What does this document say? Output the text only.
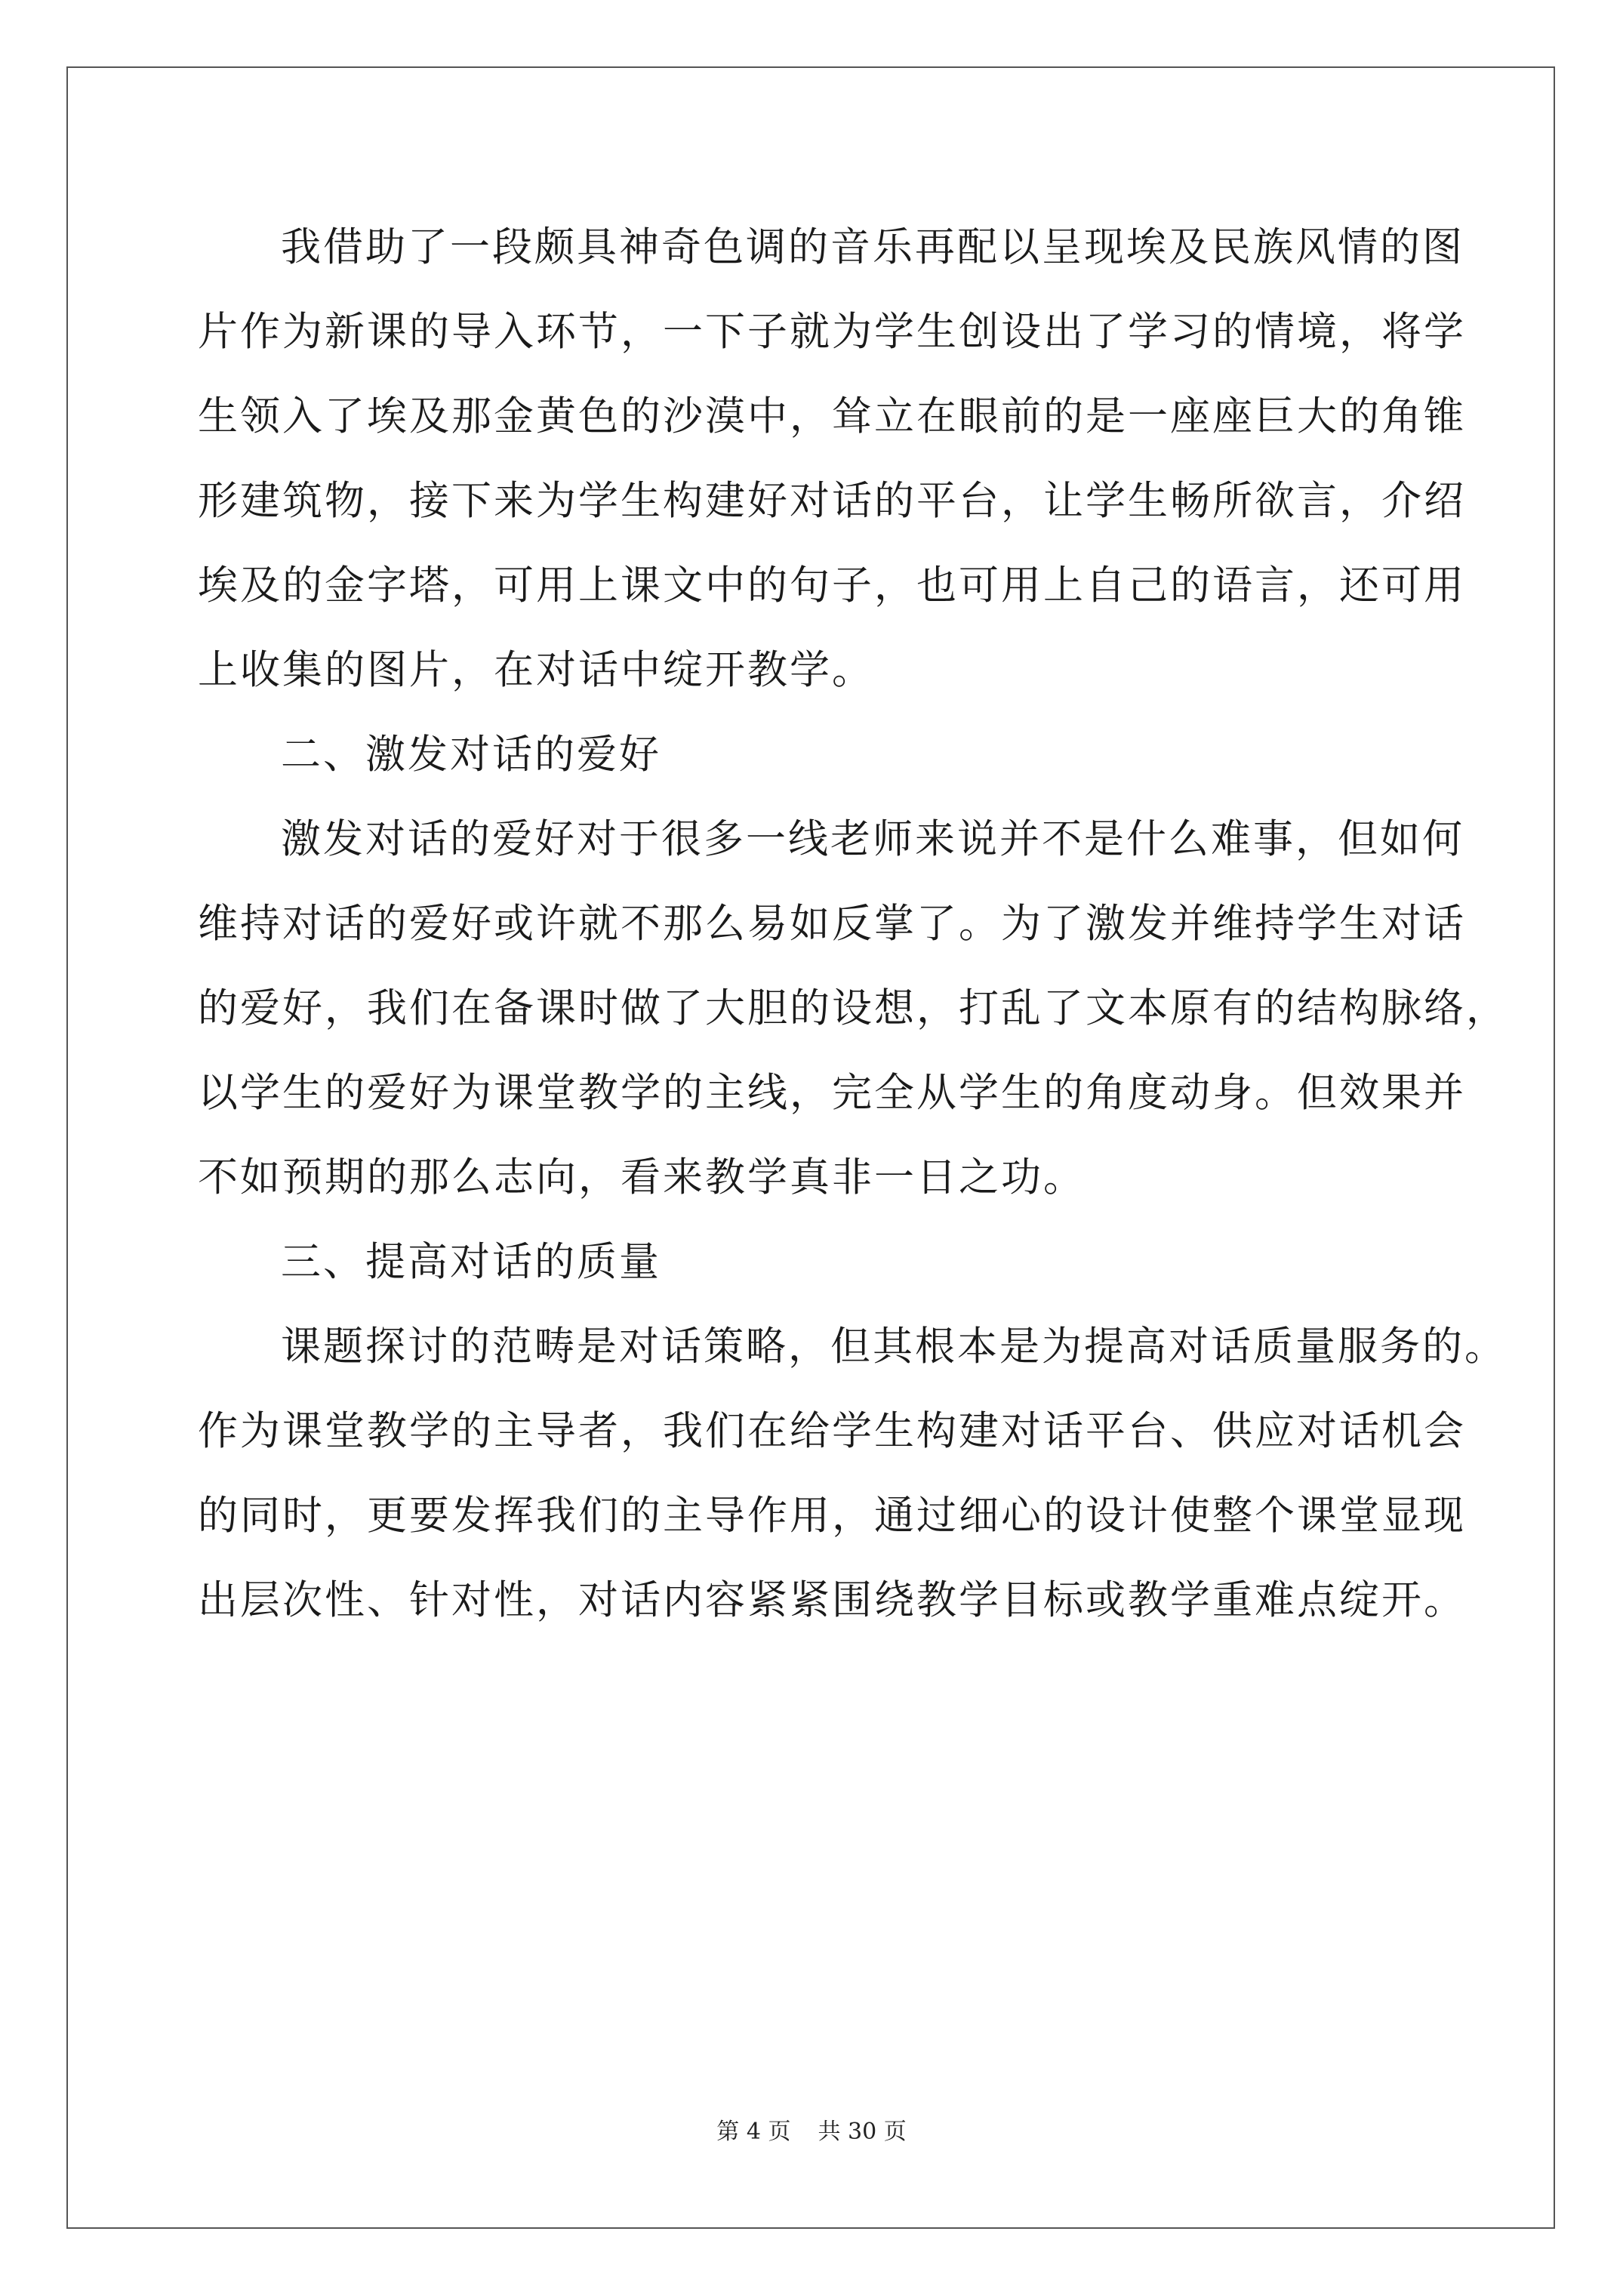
我借助了一段颇具神奇色调的音乐再配以呈现埃及民族风情的图
片作为新课的导入环节，一下子就为学生创设出了学习的情境，将学
生领入了埃及那金黄色的沙漠中，耸立在眼前的是一座座巨大的角锥
形建筑物，接下来为学生构建好对话的平台，让学生畅所欲言，介绍
埃及的金字塔，可用上课文中的句子，也可用上自己的语言，还可用
上收集的图片，在对话中绽开教学。
二、激发对话的爱好
激发对话的爱好对于很多一线老师来说并不是什么难事，但如何
维持对话的爱好或许就不那么易如反掌了。为了激发并维持学生对话
的爱好，我们在备课时做了大胆的设想，打乱了文本原有的结构脉络，
以学生的爱好为课堂教学的主线，完全从学生的角度动身。但效果并
不如预期的那么志向，看来教学真非一日之功。
三、提高对话的质量
课题探讨的范畴是对话策略，但其根本是为提高对话质量服务的。
作为课堂教学的主导者，我们在给学生构建对话平台、供应对话机会
的同时，更要发挥我们的主导作用，通过细心的设计使整个课堂显现
出层次性、针对性，对话内容紧紧围绕教学目标或教学重难点绽开。
第 4 页 共 30 页
